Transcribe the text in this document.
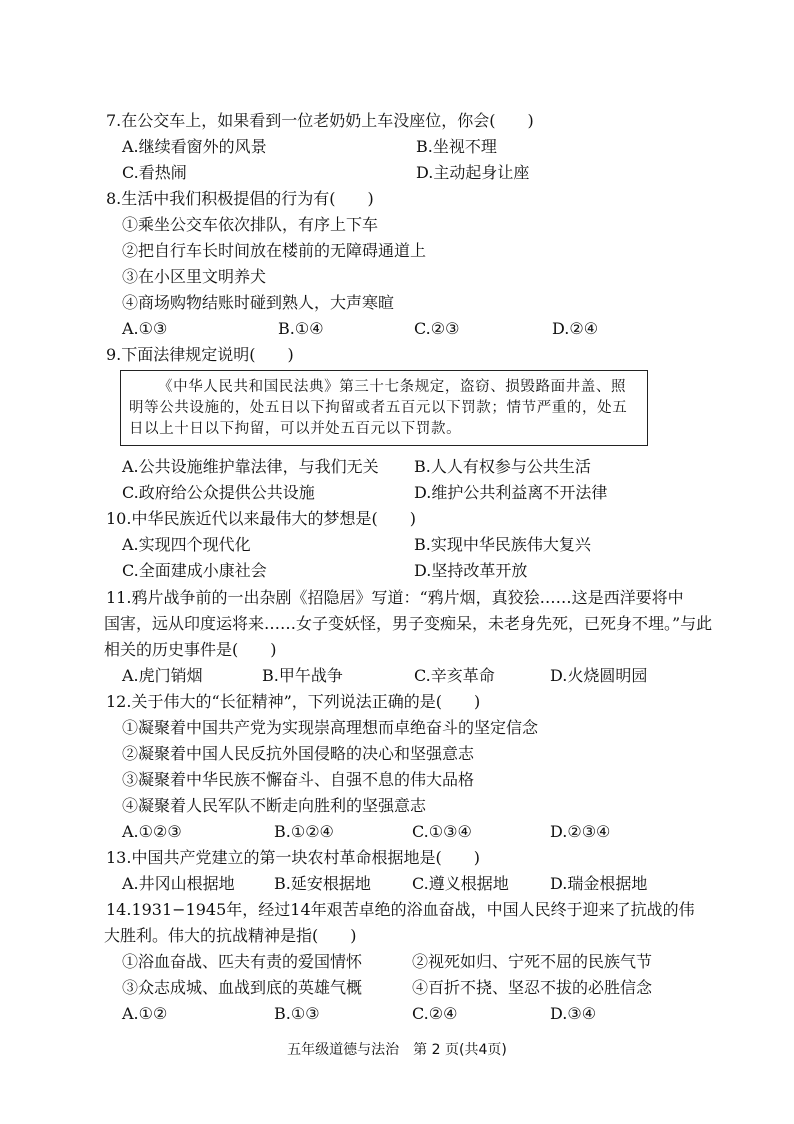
7.在公交车上，如果看到一位老奶奶上车没座位，你会(　　)
A.继续看窗外的风景	B.坐视不理
C.看热闹	D.主动起身让座
8.生活中我们积极提倡的行为有(　　)
①乘坐公交车依次排队，有序上下车
②把自行车长时间放在楼前的无障碍通道上
③在小区里文明养犬
④商场购物结账时碰到熟人，大声寒暄
A.①③	B.①④	C.②③	D.②④
9.下面法律规定说明(　　)

《中华人民共和国民法典》第三十七条规定，盗窃、损毁路面井盖、照明等公共设施的，处五日以下拘留或者五百元以下罚款；情节严重的，处五日以上十日以下拘留，可以并处五百元以下罚款。

A.公共设施维护靠法律，与我们无关 B.人人有权参与公共生活
C.政府给公众提供公共设施	D.维护公共利益离不开法律
10.中华民族近代以来最伟大的梦想是(　　)
A.实现四个现代化	B.实现中华民族伟大复兴
C.全面建成小康社会	D.坚持改革开放
11.鸦片战争前的一出杂剧《招隐居》写道：“鸦片烟，真狡狯……这是西洋要将中
国害，远从印度运将来……女子变妖怪，男子变痴呆，未老身先死，已死身不埋。”与此
相关的历史事件是(　　)
A.虎门销烟	B.甲午战争	C.辛亥革命	D.火烧圆明园
12.关于伟大的“长征精神”，下列说法正确的是(　　)
①凝聚着中国共产党为实现崇高理想而卓绝奋斗的坚定信念
②凝聚着中国人民反抗外国侵略的决心和坚强意志
③凝聚着中华民族不懈奋斗、自强不息的伟大品格
④凝聚着人民军队不断走向胜利的坚强意志
A.①②③	B.①②④	C.①③④	D.②③④
13.中国共产党建立的第一块农村革命根据地是(　　)
A.井冈山根据地 B.延安根据地	C.遵义根据地	D.瑞金根据地
14.1931−1945年，经过14年艰苦卓绝的浴血奋战，中国人民终于迎来了抗战的伟
大胜利。伟大的抗战精神是指(　　)
①浴血奋战、匹夫有责的爱国情怀	②视死如归、宁死不屈的民族气节
③众志成城、血战到底的英雄气概	④百折不挠、坚忍不拔的必胜信念
A.①②	B.①③	C.②④	D.③④
五年级道德与法治　第 2 页(共4页)
